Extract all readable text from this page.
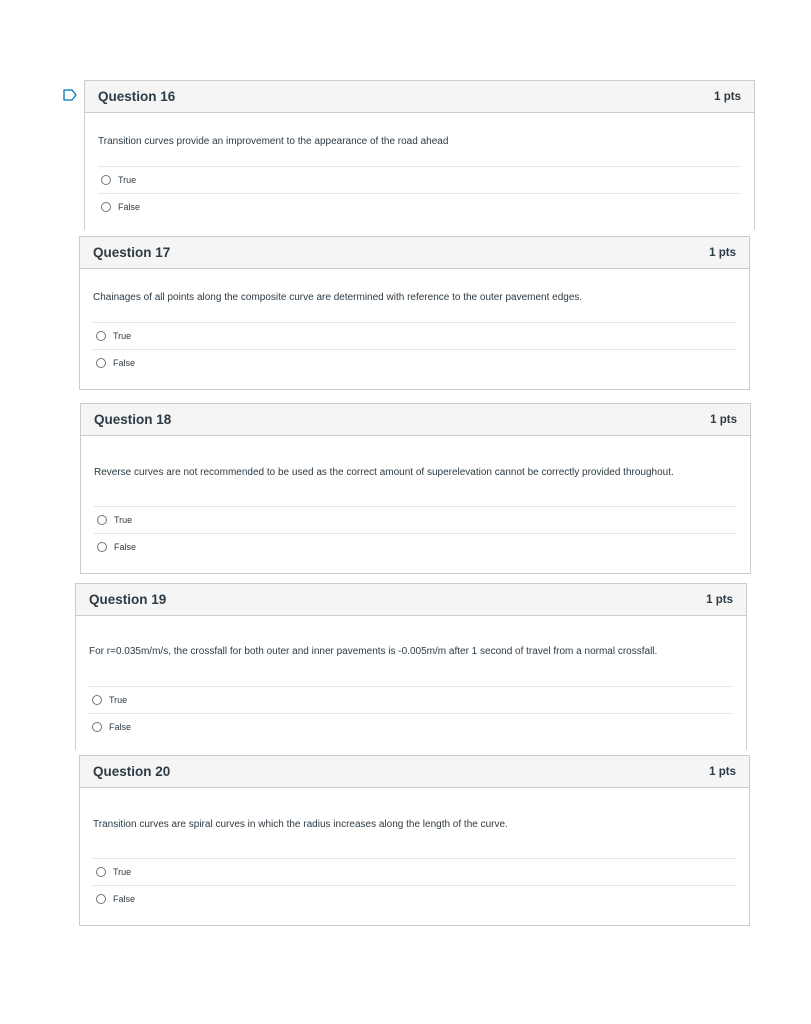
Question 16	1 pts
Transition curves provide an improvement to the appearance of the road ahead
True
False
Question 17	1 pts
Chainages of all points along the composite curve are determined with reference to the outer pavement edges.
True
False
Question 18	1 pts
Reverse curves are not recommended to be used as the correct amount of superelevation cannot be correctly provided throughout.
True
False
Question 19	1 pts
For r=0.035m/m/s, the crossfall for both outer and inner pavements is -0.005m/m after 1 second of travel from a normal crossfall.
True
False
Question 20	1 pts
Transition curves are spiral curves in which the radius increases along the length of the curve.
True
False
